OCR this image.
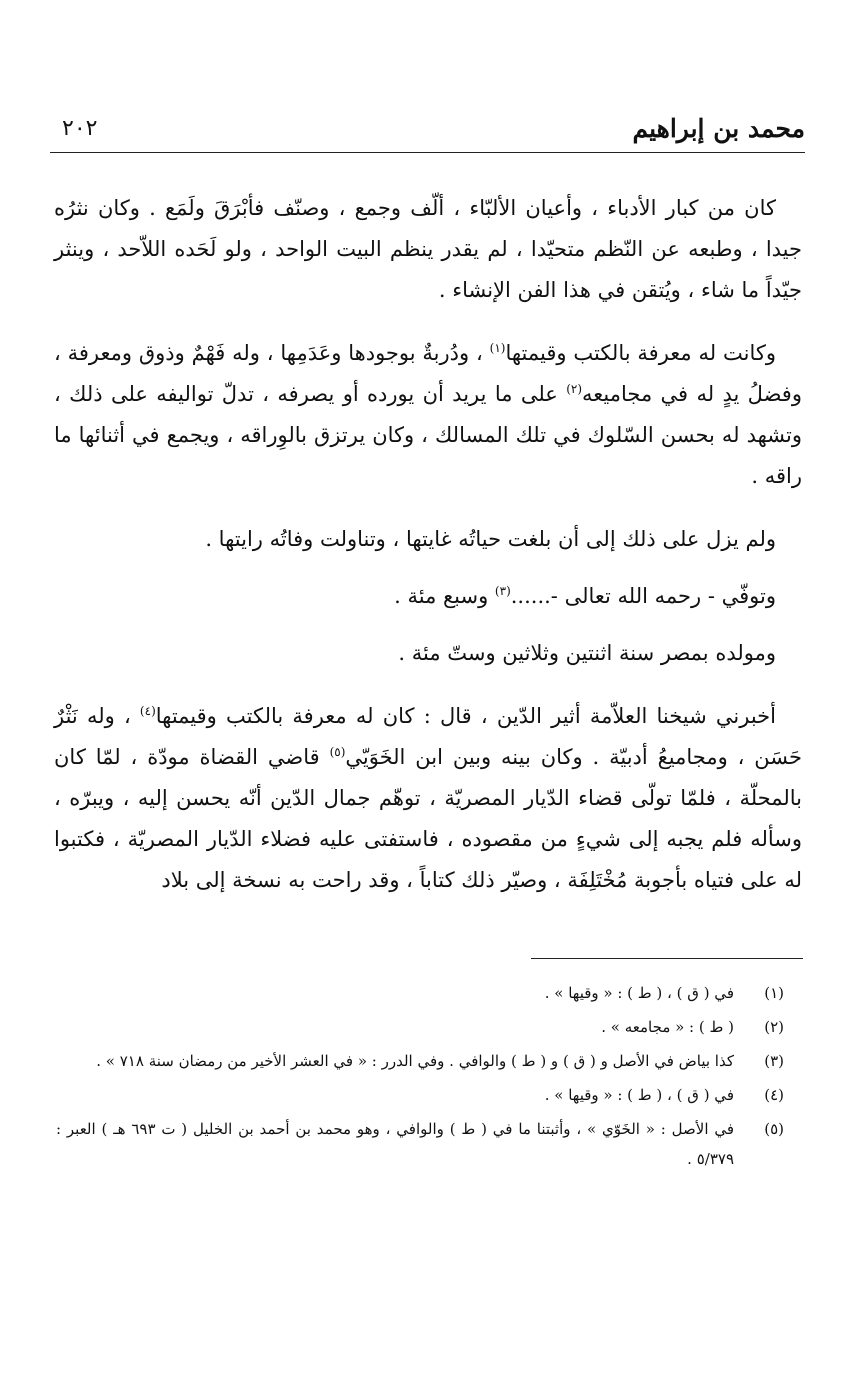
محمد بن إبراهيم
٢٠٢

كان من كبار الأدباء ، وأعيان الألبّاء ، ألّف وجمع ، وصنّف فأبْرَقَ ولَمَع . وكان نثرُه جيدا ، وطبعه عن النّظم متحيّدا ، لم يقدر ينظم البيت الواحد ، ولو لَحَده اللاّحد ، وينثر جيّداً ما شاء ، ويُتقن في هذا الفن الإنشاء .

وكانت له معرفة بالكتب وقيمتها$^{(١)}$ ، ودُربةٌ بوجودها وعَدَمِها ، وله فَهْمٌ وذوق ومعرفة ، وفضلُ يدٍ له في مجاميعه$^{(٢)}$ على ما يريد أن يورده أو يصرفه ، تدلّ تواليفه على ذلك ، وتشهد له بحسن السّلوك في تلك المسالك ، وكان يرتزق بالوِراقه ، ويجمع في أثنائها ما راقه .

ولم يزل على ذلك إلى أن بلغت حياتُه غايتها ، وتناولت وفاتُه رايتها .

وتوفّي - رحمه الله تعالى -......$^{(٣)}$ وسبع مئة .

ومولده بمصر سنة اثنتين وثلاثين وستّ مئة .

أخبرني شيخنا العلاّمة أثير الدّين ، قال : كان له معرفة بالكتب وقيمتها$^{(٤)}$ ، وله نَثْرٌ حَسَن ، ومجاميعُ أدبيّة . وكان بينه وبين ابن الخَوَيّي$^{(٥)}$ قاضي القضاة مودّة ، لمّا كان بالمحلّة ، فلمّا تولّى قضاء الدّيار المصريّة ، توهّم جمال الدّين أنّه يحسن إليه ، ويبرّه ، وسأله فلم يجبه إلى شيءٍ من مقصوده ، فاستفتى عليه فضلاء الدّيار المصريّة ، فكتبوا له على فتياه بأجوبة مُخْتَلِفَة ، وصيّر ذلك كتاباً ، وقد راحت به نسخة إلى بلاد

(١)
في ( ق ) ، ( ط ) : « وقيها » .
(٢)
( ط ) : « مجامعه » .
(٣)
كذا بياض في الأصل و ( ق ) و ( ط ) والوافي . وفي الدرر : « في العشر الأخير من رمضان سنة ٧١٨ » .
(٤)
في ( ق ) ، ( ط ) : « وقيها » .
(٥)
في الأصل : « الخَوّي » ، وأثبتنا ما في ( ط ) والوافي ، وهو محمد بن أحمد بن الخليل ( ت ٦٩٣ هـ ) العبر : ٥/٣٧٩ .
